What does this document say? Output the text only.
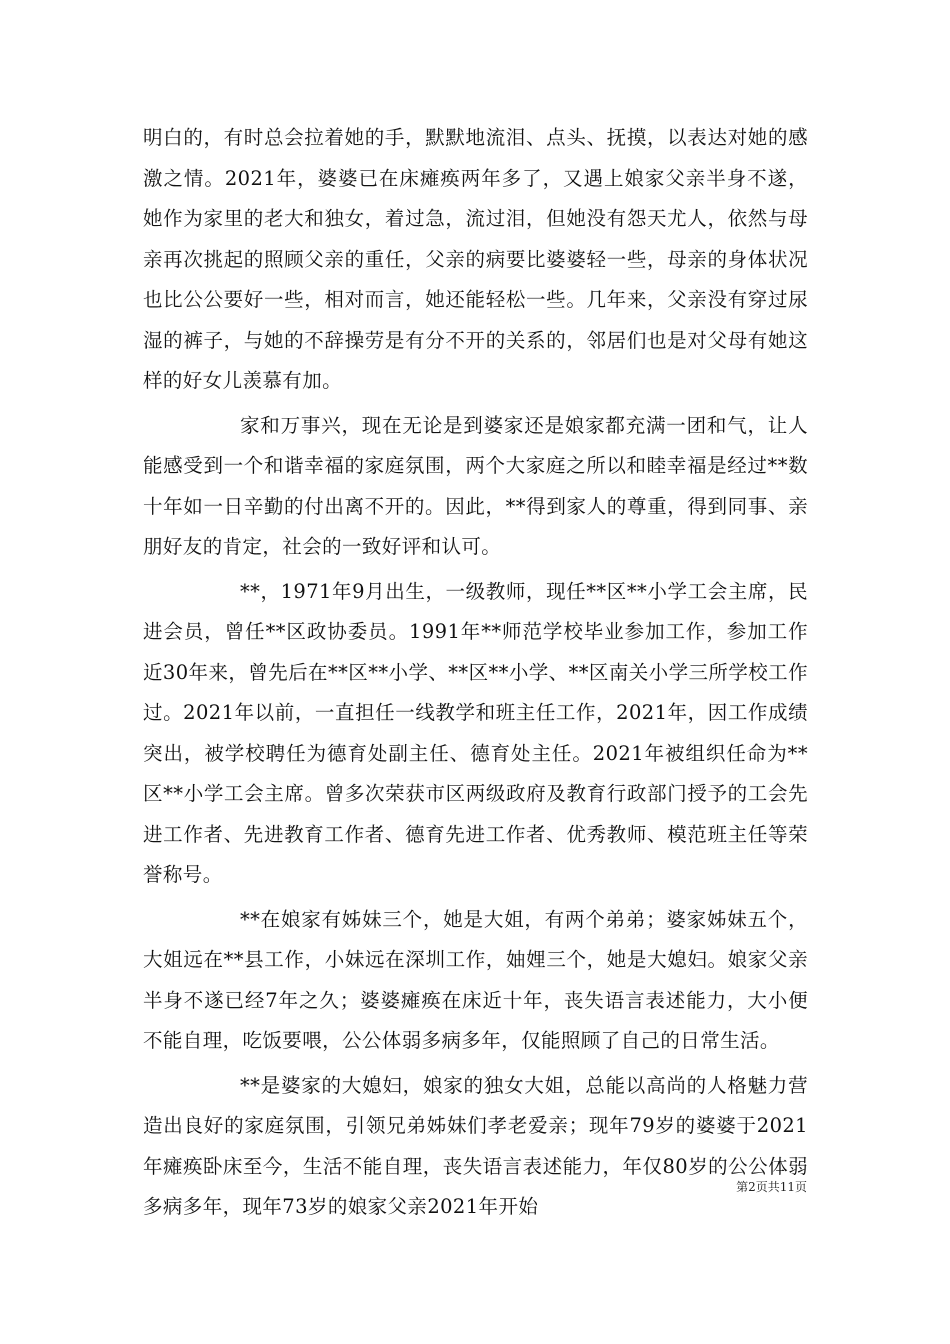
明白的，有时总会拉着她的手，默默地流泪、点头、抚摸，以表达对她的感激之情。2021年，婆婆已在床瘫痪两年多了，又遇上娘家父亲半身不遂，她作为家里的老大和独女，着过急，流过泪，但她没有怨天尤人，依然与母亲再次挑起的照顾父亲的重任，父亲的病要比婆婆轻一些，母亲的身体状况也比公公要好一些，相对而言，她还能轻松一些。几年来，父亲没有穿过尿湿的裤子，与她的不辞操劳是有分不开的关系的，邻居们也是对父母有她这样的好女儿羡慕有加。

家和万事兴，现在无论是到婆家还是娘家都充满一团和气，让人能感受到一个和谐幸福的家庭氛围，两个大家庭之所以和睦幸福是经过**数十年如一日辛勤的付出离不开的。因此，**得到家人的尊重，得到同事、亲朋好友的肯定，社会的一致好评和认可。

**，1971年9月出生，一级教师，现任**区**小学工会主席，民进会员，曾任**区政协委员。1991年**师范学校毕业参加工作，参加工作近30年来，曾先后在**区**小学、**区**小学、**区南关小学三所学校工作过。2021年以前，一直担任一线教学和班主任工作，2021年，因工作成绩突出，被学校聘任为德育处副主任、德育处主任。2021年被组织任命为**区**小学工会主席。曾多次荣获市区两级政府及教育行政部门授予的工会先进工作者、先进教育工作者、德育先进工作者、优秀教师、模范班主任等荣誉称号。

**在娘家有姊妹三个，她是大姐，有两个弟弟；婆家姊妹五个，大姐远在**县工作，小妹远在深圳工作，妯娌三个，她是大媳妇。娘家父亲半身不遂已经7年之久；婆婆瘫痪在床近十年，丧失语言表述能力，大小便不能自理，吃饭要喂，公公体弱多病多年，仅能照顾了自己的日常生活。

**是婆家的大媳妇，娘家的独女大姐，总能以高尚的人格魅力营造出良好的家庭氛围，引领兄弟姊妹们孝老爱亲；现年79岁的婆婆于2021年瘫痪卧床至今，生活不能自理，丧失语言表述能力，年仅80岁的公公体弱多病多年，现年73岁的娘家父亲2021年开始

第2页共11页
